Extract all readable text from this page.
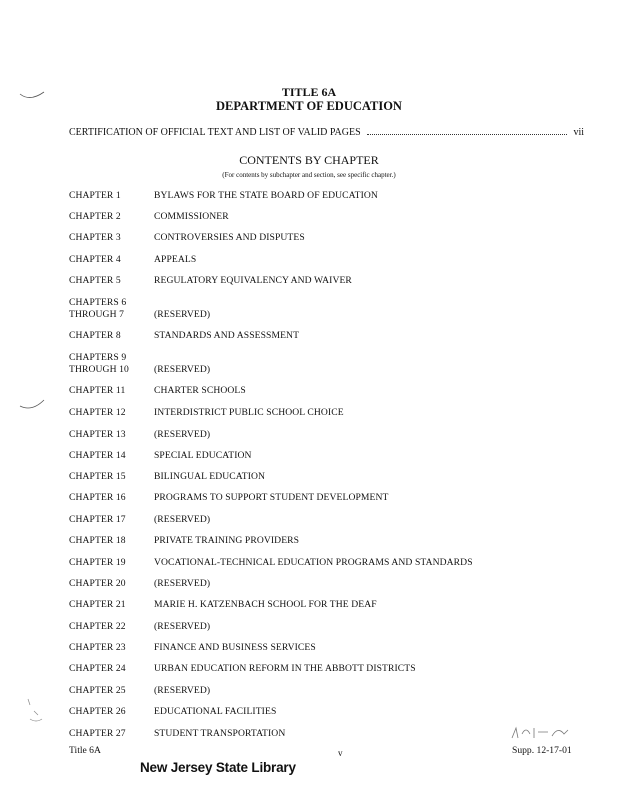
TITLE 6A
DEPARTMENT OF EDUCATION
CERTIFICATION OF OFFICIAL TEXT AND LIST OF VALID PAGES	vii
CONTENTS BY CHAPTER
(For contents by subchapter and section, see specific chapter.)
CHAPTER 1	BYLAWS FOR THE STATE BOARD OF EDUCATION
CHAPTER 2	COMMISSIONER
CHAPTER 3	CONTROVERSIES AND DISPUTES
CHAPTER 4	APPEALS
CHAPTER 5	REGULATORY EQUIVALENCY AND WAIVER
CHAPTERS 6
THROUGH 7	(RESERVED)
CHAPTER 8	STANDARDS AND ASSESSMENT
CHAPTERS 9
THROUGH 10	(RESERVED)
CHAPTER 11	CHARTER SCHOOLS
CHAPTER 12	INTERDISTRICT PUBLIC SCHOOL CHOICE
CHAPTER 13	(RESERVED)
CHAPTER 14	SPECIAL EDUCATION
CHAPTER 15	BILINGUAL EDUCATION
CHAPTER 16	PROGRAMS TO SUPPORT STUDENT DEVELOPMENT
CHAPTER 17	(RESERVED)
CHAPTER 18	PRIVATE TRAINING PROVIDERS
CHAPTER 19	VOCATIONAL-TECHNICAL EDUCATION PROGRAMS AND STANDARDS
CHAPTER 20	(RESERVED)
CHAPTER 21	MARIE H. KATZENBACH SCHOOL FOR THE DEAF
CHAPTER 22	(RESERVED)
CHAPTER 23	FINANCE AND BUSINESS SERVICES
CHAPTER 24	URBAN EDUCATION REFORM IN THE ABBOTT DISTRICTS
CHAPTER 25	(RESERVED)
CHAPTER 26	EDUCATIONAL FACILITIES
CHAPTER 27	STUDENT TRANSPORTATION
Title 6A	v	Supp. 12-17-01
New Jersey State Library
